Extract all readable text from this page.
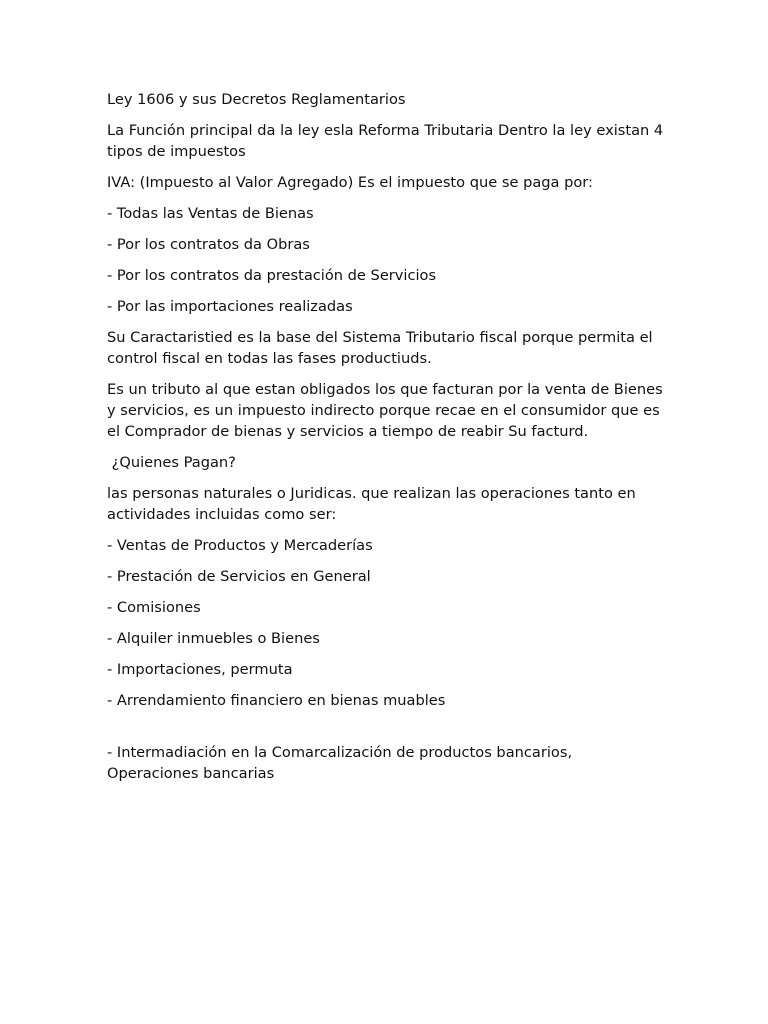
Ley 1606 y sus Decretos Reglamentarios

La Función principal da la ley esla Reforma Tributaria Dentro la ley existan 4 tipos de impuestos

IVA: (Impuesto al Valor Agregado) Es el impuesto que se paga por:

- Todas las Ventas de Bienas

- Por los contratos da Obras

- Por los contratos da prestación de Servicios

- Por las importaciones realizadas

Su Caractaristied es la base del Sistema Tributario fiscal porque permita el control fiscal en todas las fases productiuds.

Es un tributo al que estan obligados los que facturan por la venta de Bienes y servicios, es un impuesto indirecto porque recae en el consumidor que es el Comprador de bienas y servicios a tiempo de reabir Su facturd.

¿Quienes Pagan?

las personas naturales o Juridicas. que realizan las operaciones tanto en actividades incluidas como ser:

- Ventas de Productos y Mercaderías

- Prestación de Servicios en General

- Comisiones

- Alquiler inmuebles o Bienes

- Importaciones, permuta

- Arrendamiento financiero en bienas muables

- Intermadiación en la Comarcalización de productos bancarios, Operaciones bancarias
